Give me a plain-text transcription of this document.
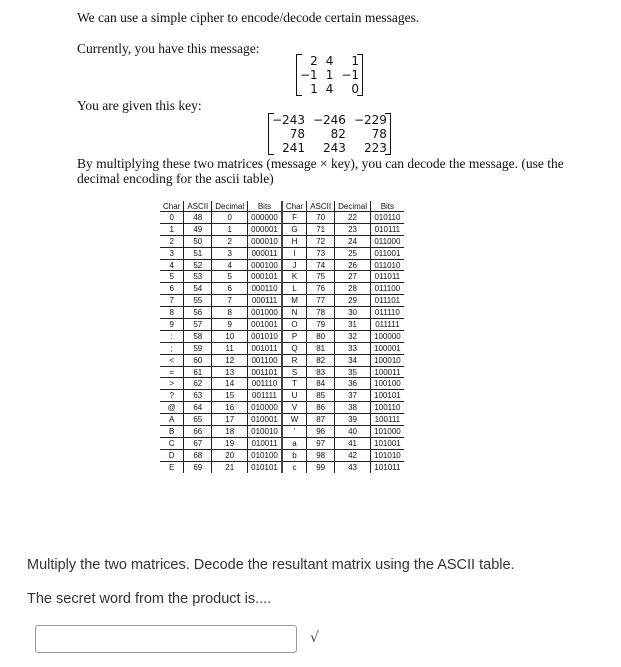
We can use a simple cipher to encode/decode certain messages.
Currently, you have this message:
2	4	1
−1	1	−1
1	4	0
You are given this key:
−243	−246	−229
78	82	78
241	243	223
By multiplying these two matrices (message × key), you can decode the message. (use the
decimal encoding for the ascii table)
Char	ASCII	Decimal	Bits	Char	ASCII	Decimal	Bits
0	48	0	000000	F	70	22	010110
1	49	1	000001	G	71	23	010111
2	50	2	000010	H	72	24	011000
3	51	3	000011	I	73	25	011001
4	52	4	000100	J	74	26	011010
5	53	5	000101	K	75	27	011011
6	54	6	000110	L	76	28	011100
7	55	7	000111	M	77	29	011101
8	56	8	001000	N	78	30	011110
9	57	9	001001	O	79	31	011111
:	58	10	001010	P	80	32	100000
;	59	11	001011	Q	81	33	100001
<	60	12	001100	R	82	34	100010
=	61	13	001101	S	83	35	100011
>	62	14	001110	T	84	36	100100
?	63	15	001111	U	85	37	100101
@	64	16	010000	V	86	38	100110
A	65	17	010001	W	87	39	100111
B	66	18	010010	'	96	40	101000
C	67	19	010011	a	97	41	101001
D	68	20	010100	b	98	42	101010
E	69	21	010101	c	99	43	101011
Multiply the two matrices. Decode the resultant matrix using the ASCII table.
The secret word from the product is....
√
